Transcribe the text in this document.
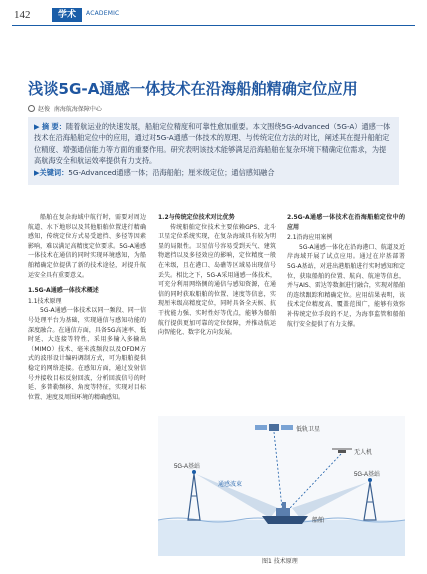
142	学术	ACADEMIC
浅谈5G-A通感一体技术在沿海船舶精确定位应用
赵俊 南海航海保障中心
▶ 摘 要：随着航运业的快速发展，船舶定位精度和可靠性愈加重要。本文围绕5G-Advanced（5G-A）通感一体技术在沿海船舶定位中的应用，通过对5G-A通感一体技术的原理、与传统定位方法的对比，阐述其在提升船舶定位精度、增强通信能力等方面的重要作用。研究表明该技术能够满足沿海船舶在复杂环境下精确定位需求，为提高航海安全和航运效率提供有力支持。
▶关键词：5G-Advanced通感一体；沿海船舶；厘米级定位；通信感知融合

船舶在复杂海域中航行时，需要对周边航道、水下地形以及其他船舶位置进行精确感知，传统定位方式易受遮挡、多径等因素影响，难以满足高精度定位要求。5G-A通感一体技术在通信的同时实现环境感知，为船舶精确定位提供了新的技术途径，对提升航运安全具有重要意义。

1.5G-A通感一体技术概述
1.1技术原理

5G-A通感一体技术以同一频段、同一信号处理平台为基础，实现通信与感知功能的深度融合。在通信方面，具备5G高速率、低时延、大连接等特性，采用多输入多输出（MIMO）技术、毫米波频段以及OFDM方式的波形设计编码调制方式，可为船舶提供稳定的网络连接。在感知方面，通过发射信号并接收目标反射回波，分析回波信号的时延、多普勒频移、角度等特征，实现对目标位置、速度及周围环境的精确感知。

1.2与传统定位技术对比优势

传统船舶定位技术主要依赖GPS、北斗卫星定位系统实现，在复杂海域具有较为明显的局限性。卫星信号容易受到天气、建筑物遮挡以及多径效应的影响，定位精度一般在米级，且在港口、岛礁等区域易出现信号丢失。相比之下，5G-A采用通感一体技术，可充分利用网络侧的通信与感知资源，在通信的同时获取船舶的位置、速度等信息，实现厘米级高精度定位，同时具备全天候、抗干扰能力强、实时性好等优点，能够为船舶航行提供更加可靠的定位保障，并推动航运向智能化、数字化方向发展。

2.5G-A通感一体技术在沿海船舶定位中的应用
2.1沿海应用案例

5G-A通感一体化在沿海港口、航道及近岸海域开展了试点应用。通过在岸基部署5G-A基站，对进出港船舶进行实时感知和定位，获取船舶的位置、航向、航速等信息，并与AIS、雷达等数据进行融合，实现对船舶的连续跟踪和精确定位。应用结果表明，该技术定位精度高、覆盖范围广，能够有效弥补传统定位手段的不足，为海事监管和船舶航行安全提供了有力支撑。

低轨卫星
无人机
5G-A基站
5G-A基站
通感波束
船舶
图1 技术原理
